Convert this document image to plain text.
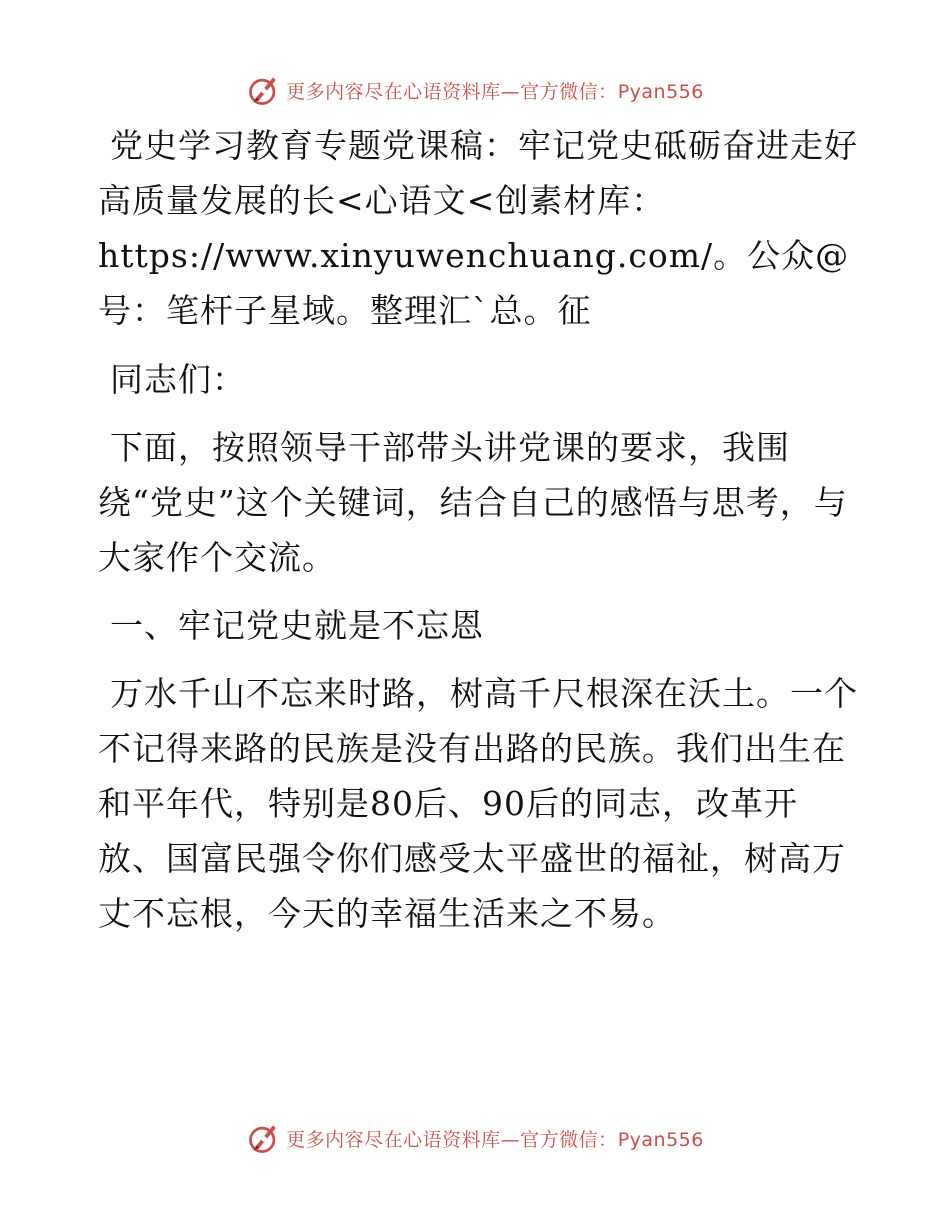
更多内容尽在心语资料库—官方微信：Pyan556

党史学习教育专题党课稿：牢记党史砥砺奋进走好高质量发展的长<心语文<创素材库：https://www.xinyuwenchuang.com/。公众@号：笔杆子星域。整理汇`总。征

同志们：

下面，按照领导干部带头讲党课的要求，我围绕“党史”这个关键词，结合自己的感悟与思考，与大家作个交流。

一、牢记党史就是不忘恩

万水千山不忘来时路，树高千尺根深在沃土。一个不记得来路的民族是没有出路的民族。我们出生在和平年代，特别是80后、90后的同志，改革开放、国富民强令你们感受太平盛世的福祉，树高万丈不忘根，今天的幸福生活来之不易。

更多内容尽在心语资料库—官方微信：Pyan556
